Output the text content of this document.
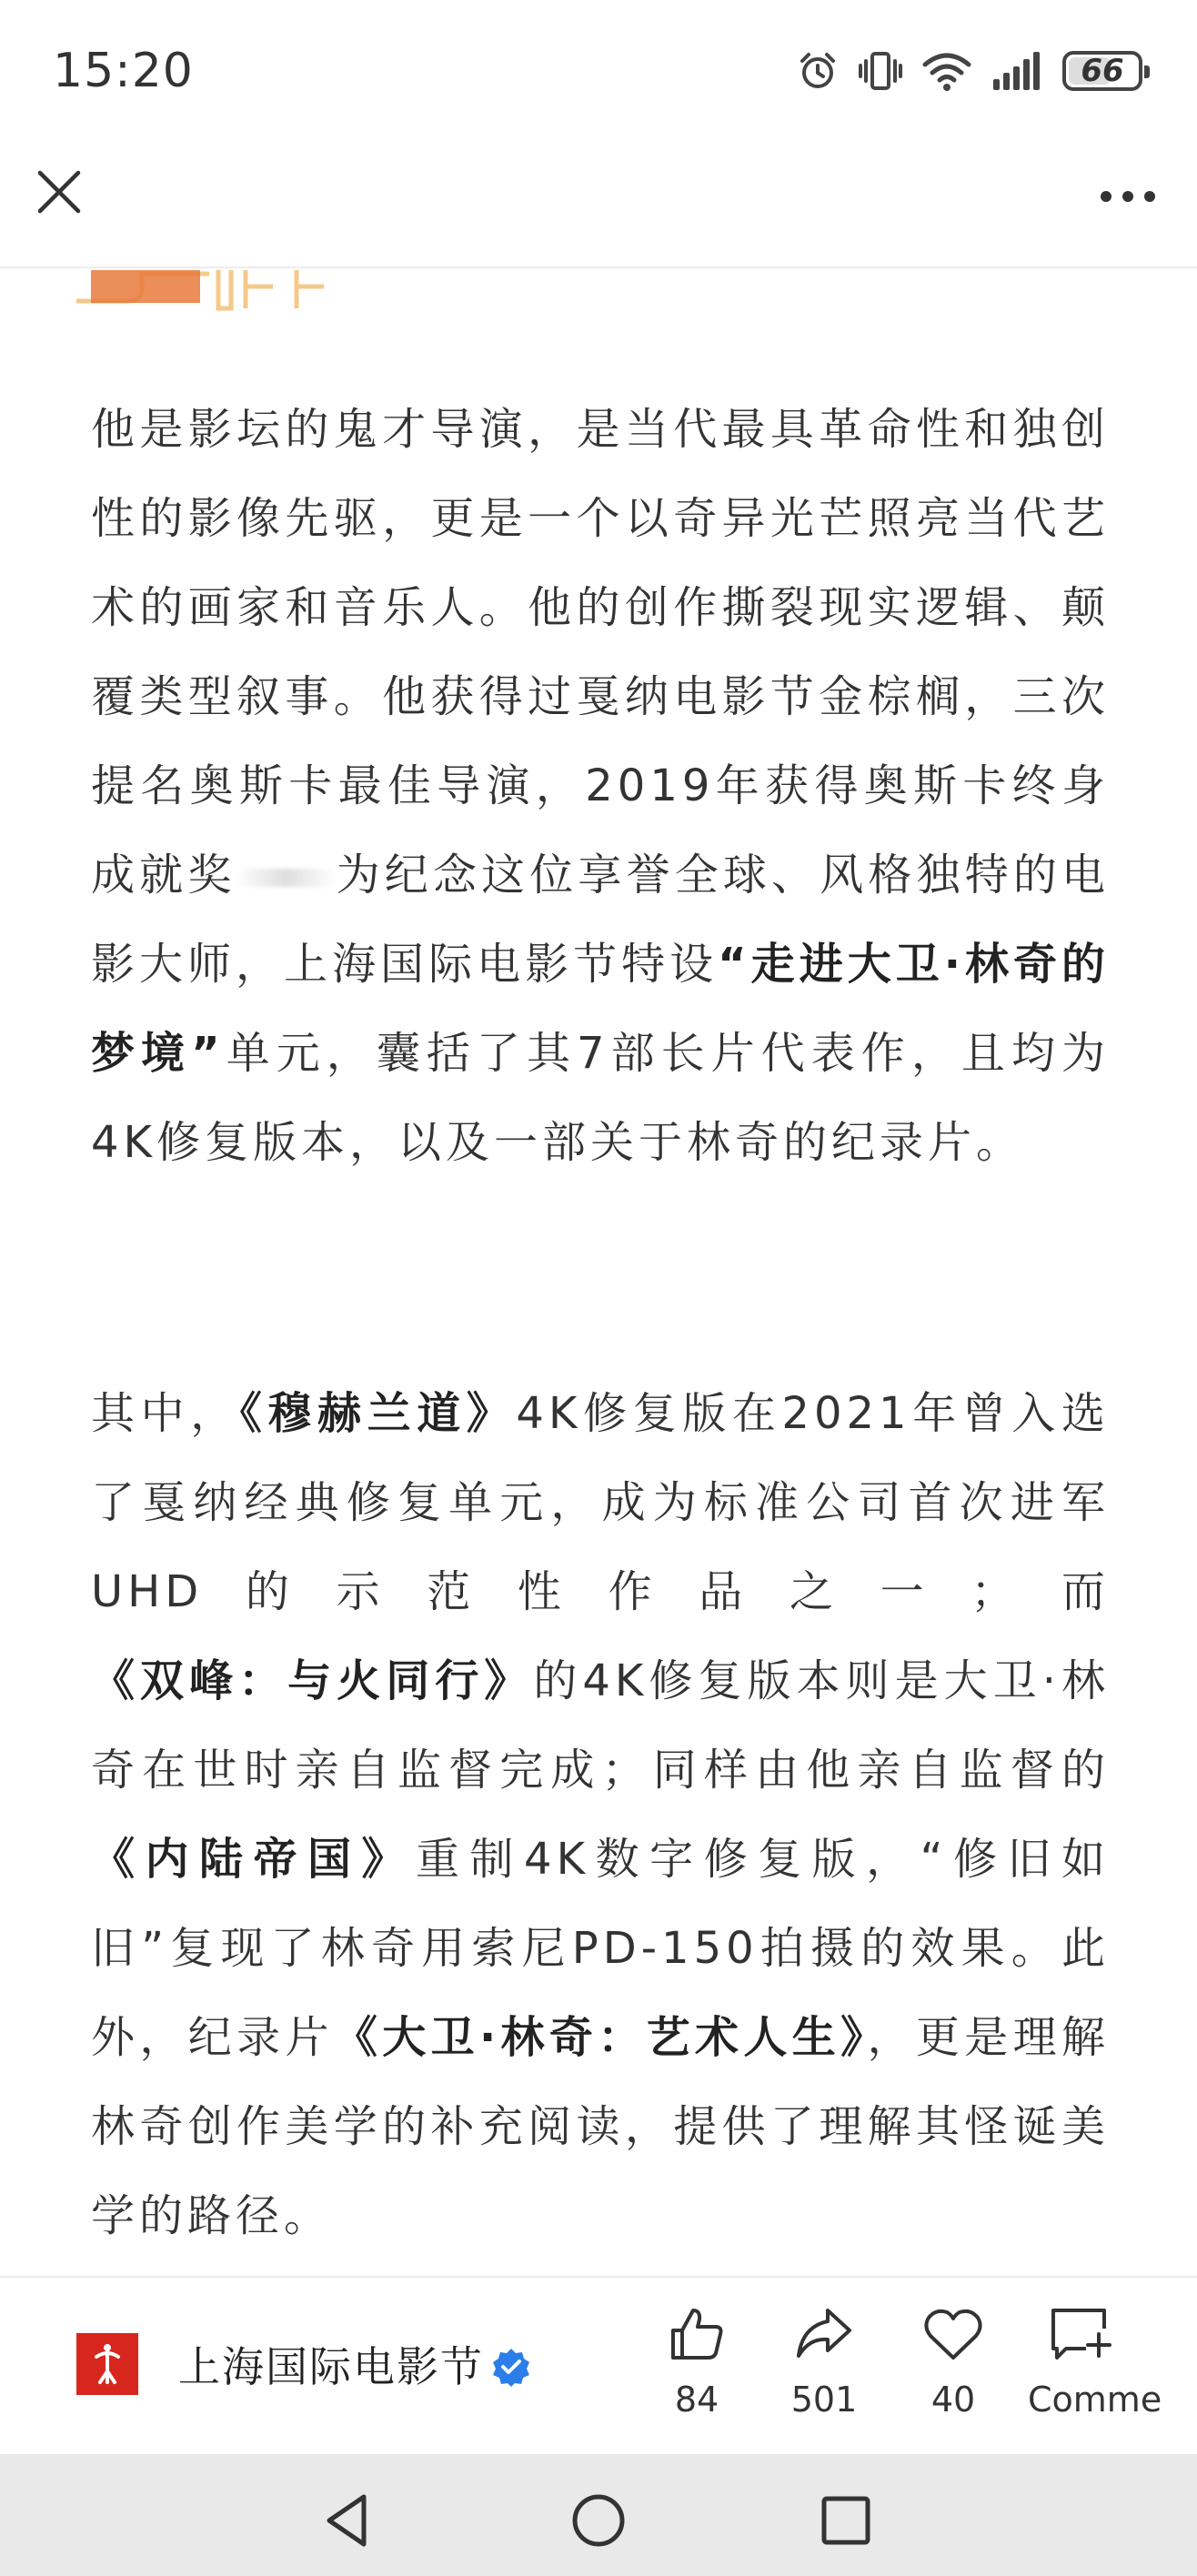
15:20	66

他是影坛的鬼才导演，是当代最具革命性和独创性的影像先驱，更是一个以奇异光芒照亮当代艺术的画家和音乐人。他的创作撕裂现实逻辑、颠覆类型叙事。他获得过戛纳电影节金棕榈，三次提名奥斯卡最佳导演，2019年获得奥斯卡终身成就奖 为纪念这位享誉全球、风格独特的电影大师，上海国际电影节特设“走进大卫·林奇的梦境”单元，囊括了其7部长片代表作，且均为4K修复版本，以及一部关于林奇的纪录片。

其中，《穆赫兰道》4K修复版在2021年曾入选了戛纳经典修复单元，成为标准公司首次进军UHD的示范性作品之一；而《双峰：与火同行》的4K修复版本则是大卫·林奇在世时亲自监督完成；同样由他亲自监督的《内陆帝国》重制4K数字修复版，“修旧如旧”复现了林奇用索尼PD-150拍摄的效果。此外，纪录片《大卫·林奇：艺术人生》，更是理解林奇创作美学的补充阅读，提供了理解其怪诞美学的路径。

上海国际电影节
84 501 40 Comme
